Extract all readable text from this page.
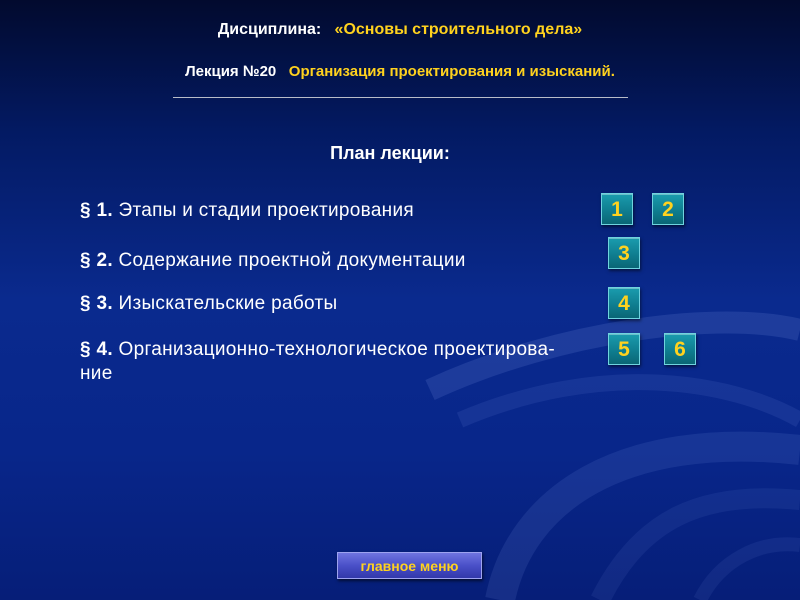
Дисциплина: «Основы строительного дела»
Лекция №20 Организация проектирования и изысканий.
План лекции:
§ 1. Этапы и стадии проектирования
§ 2. Содержание проектной документации
§ 3. Изыскательские работы
§ 4. Организационно-технологическое проектирова-ние
1	2
3
4
5	6
главное меню
